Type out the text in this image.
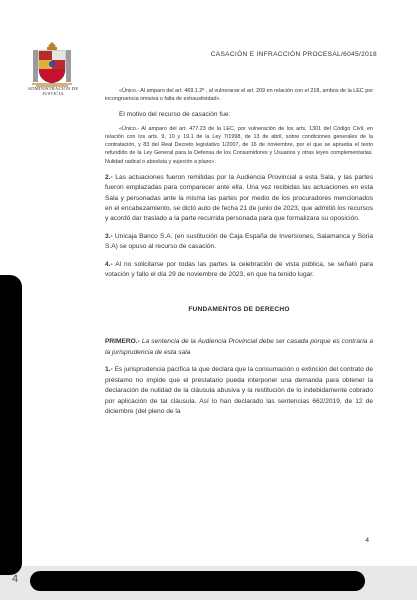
ADMINISTRACION DE JUSTICIA
CASACIÓN E INFRACCIÓN PROCESAL/6045/2018
«Único.- Al amparo del art. 469.1.2º , al vulnerarse el art. 209 en relación con el 218, ambos de la LEC por incongruencia omisiva o falta de exhaustividad».
El motivo del recurso de casación fue:
«Único.- Al amparo del art. 477.23 de la LEC, por vulneración de los arts. 1301 del Código Civil, en relación con los arts. 9, 10 y 19.1 de la Ley 7/1998, de 13 de abril, sobre condiciones generales de la contratación, y 83 del Real Decreto legislativo 1/2007, de 16 de noviembre, por el que se aprueba el texto refundido de la Ley General para la Defensa de los Consumidores y Usuarios y otras leyes complementarias. Nulidad radical o absoluta y sujeción a plazo».
2.- Las actuaciones fueron remitidas por la Audiencia Provincial a esta Sala, y las partes fueron emplazadas para comparecer ante ella. Una vez recibidas las actuaciones en esta Sala y personadas ante la misma las partes por medio de los procuradores mencionados en el encabezamiento, se dictó auto de fecha 21 de junio de 2023, que admitió los recursos y acordó dar traslado a la parte recurrida personada para que formalizara su oposición.
3.- Unicaja Banco S.A. (en sustitución de Caja España de Inversiones, Salamanca y Soria S.A) se opuso al recurso de casación.
4.- Al no solicitarse por todas las partes la celebración de vista pública, se señaló para votación y fallo el día 29 de noviembre de 2023, en que ha tenido lugar.
FUNDAMENTOS DE DERECHO
PRIMERO.- La sentencia de la Audiencia Provincial debe ser casada porque es contraria a la jurisprudencia de esta sala
1.- Es jurisprudencia pacífica la que declara que la consumación o extinción del contrato de préstamo no impide que el prestatario pueda interponer una demanda para obtener la declaración de nulidad de la cláusula abusiva y la restitución de lo indebidamente cobrado por aplicación de tal cláusula. Así lo han declarado las sentencias 662/2019, de 12 de diciembre (del pleno de la
4
4
